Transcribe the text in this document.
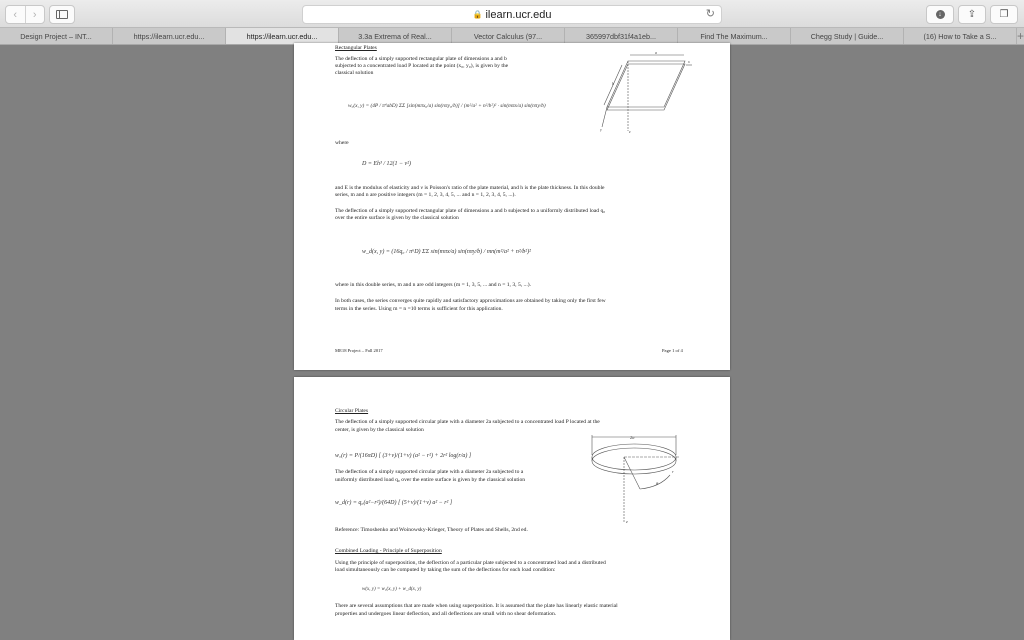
‹ ›	🔒 ilearn.ucr.edu	↻	↓	⇪ ❐
Design Project – INT...	https://ilearn.ucr.edu...	https://ilearn.ucr.edu...	3.3a Extrema of Real...	Vector Calculus (97...	365997dbf31f4a1eb...	Find The Maximum...	Chegg Study | Guide...	(16) How to Take a S...	+
Rectangular Plates
The deflection of a simply supported rectangular plate of dimensions a and b
subjected to a concentrated load P located at the point (x₀, y₀), is given by the
classical solution
w꜀(x, y) = (4P / π⁴abD) ΣΣ [sin(mπx₀/a) sin(nπy₀/b)] / (m²/a² + n²/b²)² · sin(mπx/a) sin(nπy/b)
a
b
x
y	z
where
D = Eh³ / 12(1 − ν²)
and E is the modulus of elasticity and ν is Poisson's ratio of the plate material, and h is the plate thickness. In this double
series, m and n are positive integers (m = 1, 2, 3, 4, 5, ... and n = 1, 2, 3, 4, 5, ...).
The deflection of a simply supported rectangular plate of dimensions a and b subjected to a uniformly distributed load q₀
over the entire surface is given by the classical solution
w_d(x, y) = (16q₀ / π⁶D) ΣΣ sin(mπx/a) sin(nπy/b) / mn(m²/a² + n²/b²)²
where in this double series, m and n are odd integers (m = 1, 3, 5, ... and n = 1, 3, 5, ...).
In both cases, the series converges quite rapidly and satisfactory approximations are obtained by taking only the first few
terms in the series. Using m = n =10 terms is sufficient for this application.
ME18 Project – Fall 2017	Page 1 of 4
Circular Plates
The deflection of a simply supported circular plate with a diameter 2a subjected to a concentrated load P located at the
center, is given by the classical solution
w꜀(r) = P/(16πD) [ (3+ν)/(1+ν) (a² − r²) + 2r² log(r/a) ]
The deflection of a simply supported circular plate with a diameter 2a subjected to a
uniformly distributed load q₀ over the entire surface is given by the classical solution
w_d(r) = q₀(a²−r²)/(64D) [ (5+ν)/(1+ν) a² − r² ]
2a
r
θ
z
Reference: Timoshenko and Woinowsky-Krieger, Theory of Plates and Shells, 2nd ed.
Combined Loading - Principle of Superposition
Using the principle of superposition, the deflection of a particular plate subjected to a concentrated load and a distributed
load simultaneously can be computed by taking the sum of the deflections for each load condition:
w(x, y) = w꜀(x, y) + w_d(x, y)
There are several assumptions that are made when using superposition. It is assumed that the plate has linearly elastic material
properties and undergoes linear deflection, and all deflections are small with no shear deformation.
